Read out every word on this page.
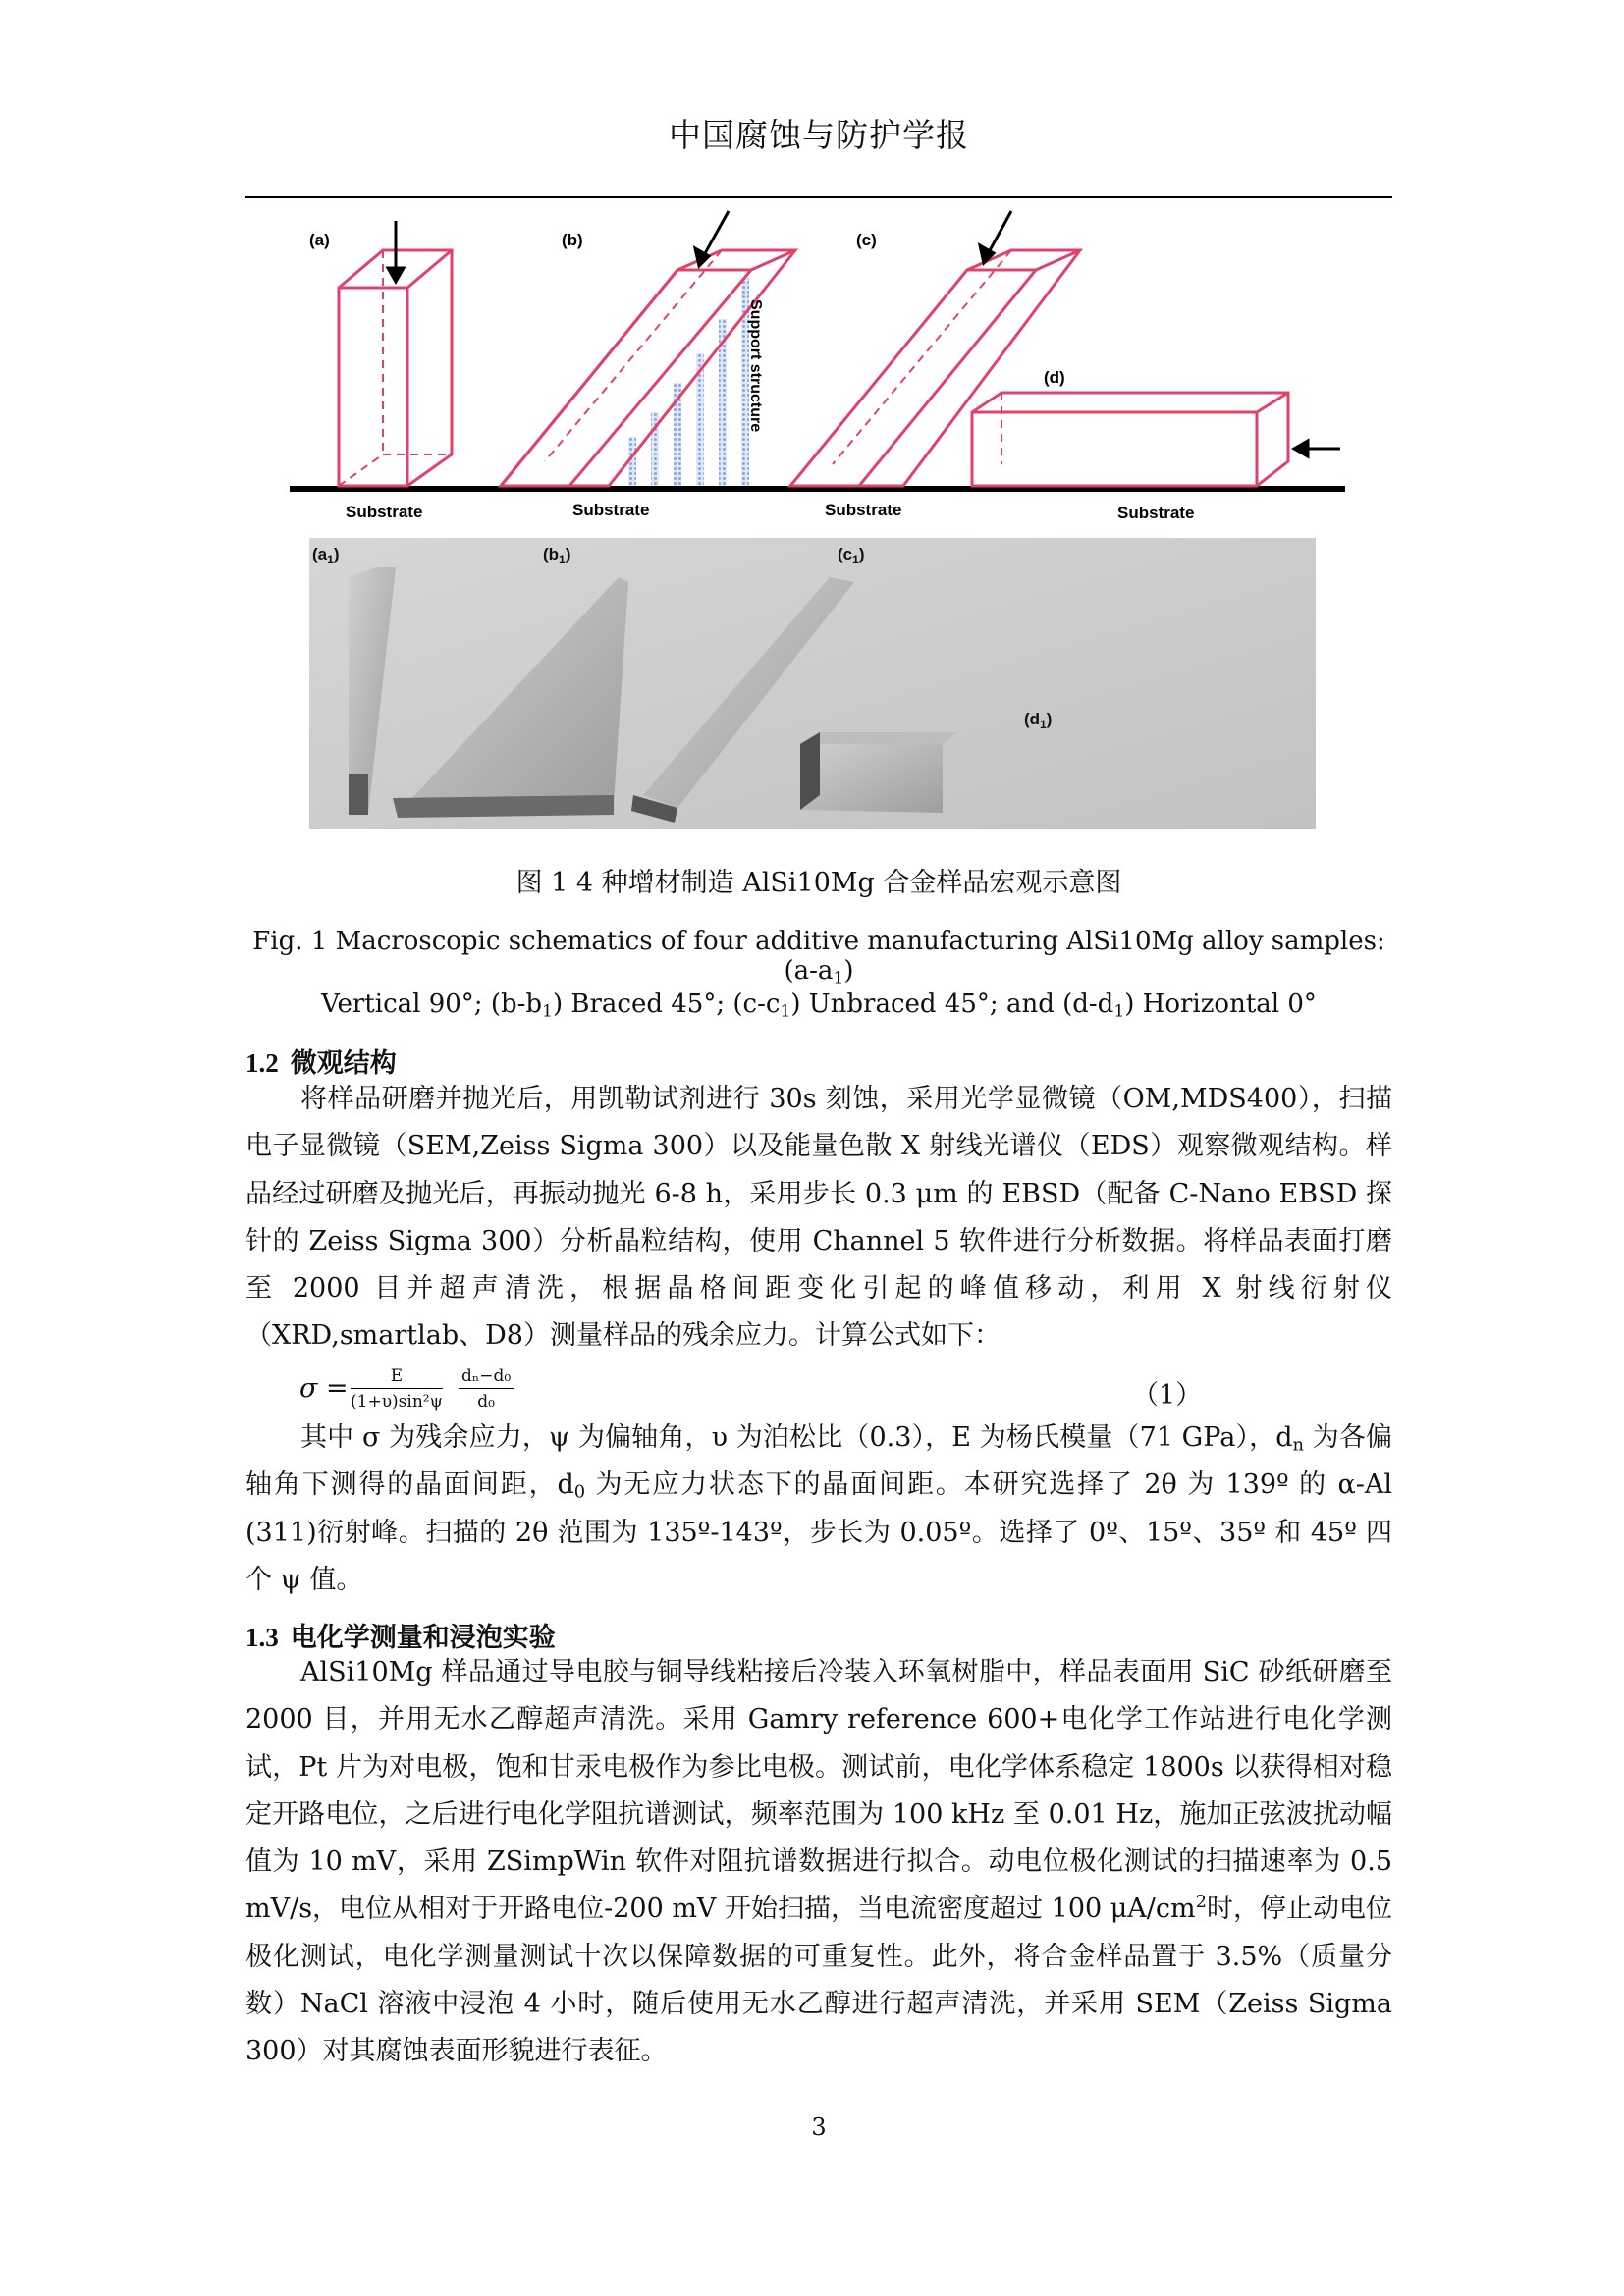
中国腐蚀与防护学报
(a)	(b)	(c)
(d)
Support structure
Substrate	Substrate	Substrate	Substrate
$(a_1)$	$(b_1)$	$(c_1)$
$(d_1)$
图 1 4 种增材制造 AlSi10Mg 合金样品宏观示意图
Fig. 1 Macroscopic schematics of four additive manufacturing AlSi10Mg alloy samples: $(a-a_1)$
Vertical 90°; $(b-b_1)$ Braced 45°; $(c-c_1)$ Unbraced 45°; and $(d-d_1)$ Horizontal 0°
1.2 微观结构
将样品研磨并抛光后，用凯勒试剂进行 30s 刻蚀，采用光学显微镜（OM,MDS400），扫描电子显微镜（SEM,Zeiss Sigma 300）以及能量色散 X 射线光谱仪（EDS）观察微观结构。样品经过研磨及抛光后，再振动抛光 6-8 h，采用步长 0.3 μm 的 EBSD（配备 C-Nano EBSD 探针的 Zeiss Sigma 300）分析晶粒结构，使用 Channel 5 软件进行分析数据。将样品表面打磨至 2000 目并超声清洗，根据晶格间距变化引起的峰值移动，利用 X 射线衍射仪（XRD,smartlab、D8）测量样品的残余应力。计算公式如下：
$\sigma = \frac{E}{\text{(1+υ)sin²ψ}} \frac{\text{dₙ−d₀}}{\text{d₀}}$	（1）
其中 σ 为残余应力，ψ 为偏轴角，υ 为泊松比（0.3），E 为杨氏模量（71 GPa），$d_n$ 为各偏轴角下测得的晶面间距，$d_0$ 为无应力状态下的晶面间距。本研究选择了 2θ 为 139º 的 α-Al (311)衍射峰。扫描的 2θ 范围为 135º-143º，步长为 0.05º。选择了 0º、15º、35º 和 45º 四个 ψ 值。
1.3 电化学测量和浸泡实验
AlSi10Mg 样品通过导电胶与铜导线粘接后冷装入环氧树脂中，样品表面用 SiC 砂纸研磨至 2000 目，并用无水乙醇超声清洗。采用 Gamry reference 600+电化学工作站进行电化学测试，Pt 片为对电极，饱和甘汞电极作为参比电极。测试前，电化学体系稳定 1800s 以获得相对稳定开路电位，之后进行电化学阻抗谱测试，频率范围为 100 kHz 至 0.01 Hz，施加正弦波扰动幅值为 10 mV，采用 ZSimpWin 软件对阻抗谱数据进行拟合。动电位极化测试的扫描速率为 0.5 mV/s，电位从相对于开路电位-200 mV 开始扫描，当电流密度超过 100 $\mu A/cm^2$时，停止动电位极化测试，电化学测量测试十次以保障数据的可重复性。此外，将合金样品置于 3.5%（质量分数）NaCl 溶液中浸泡 4 小时，随后使用无水乙醇进行超声清洗，并采用 SEM（Zeiss Sigma 300）对其腐蚀表面形貌进行表征。
3
